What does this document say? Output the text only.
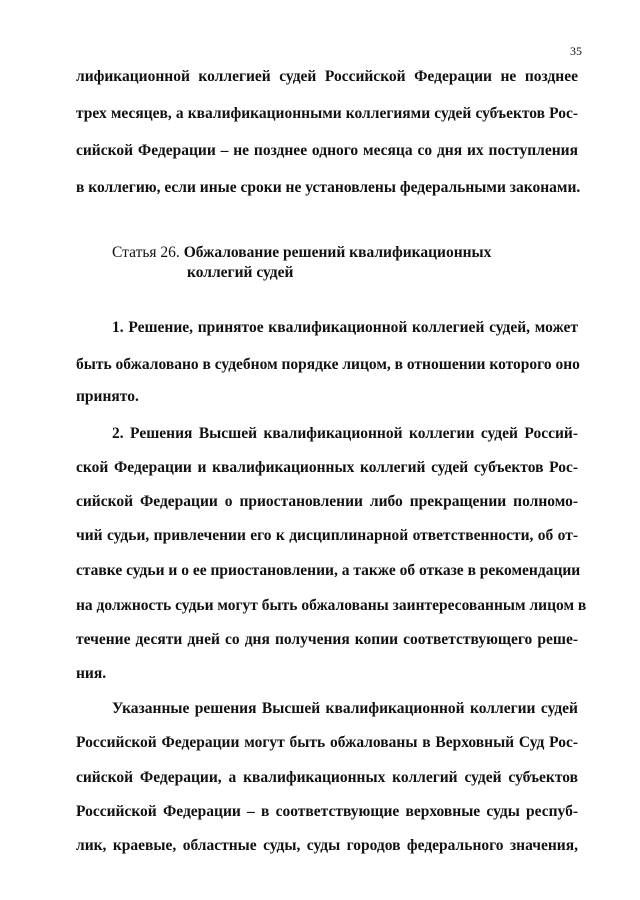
35
лификационной коллегией судей Российской Федерации не позднее
трех месяцев, а квалификационными коллегиями судей субъектов Рос-
сийской Федерации – не позднее одного месяца со дня их поступления
в коллегию, если иные сроки не установлены федеральными законами.
Статья 26. Обжалование решений квалификационных
коллегий судей
1. Решение, принятое квалификационной коллегией судей, может
быть обжаловано в судебном порядке лицом, в отношении которого оно
принято.
2. Решения Высшей квалификационной коллегии судей Россий-
ской Федерации и квалификационных коллегий судей субъектов Рос-
сийской Федерации о приостановлении либо прекращении полномо-
чий судьи, привлечении его к дисциплинарной ответственности, об от-
ставке судьи и о ее приостановлении, а также об отказе в рекомендации
на должность судьи могут быть обжалованы заинтересованным лицом в
течение десяти дней со дня получения копии соответствующего реше-
ния.
Указанные решения Высшей квалификационной коллегии судей
Российской Федерации могут быть обжалованы в Верховный Суд Рос-
сийской Федерации, а квалификационных коллегий судей субъектов
Российской Федерации – в соответствующие верховные суды респуб-
лик, краевые, областные суды, суды городов федерального значения,
